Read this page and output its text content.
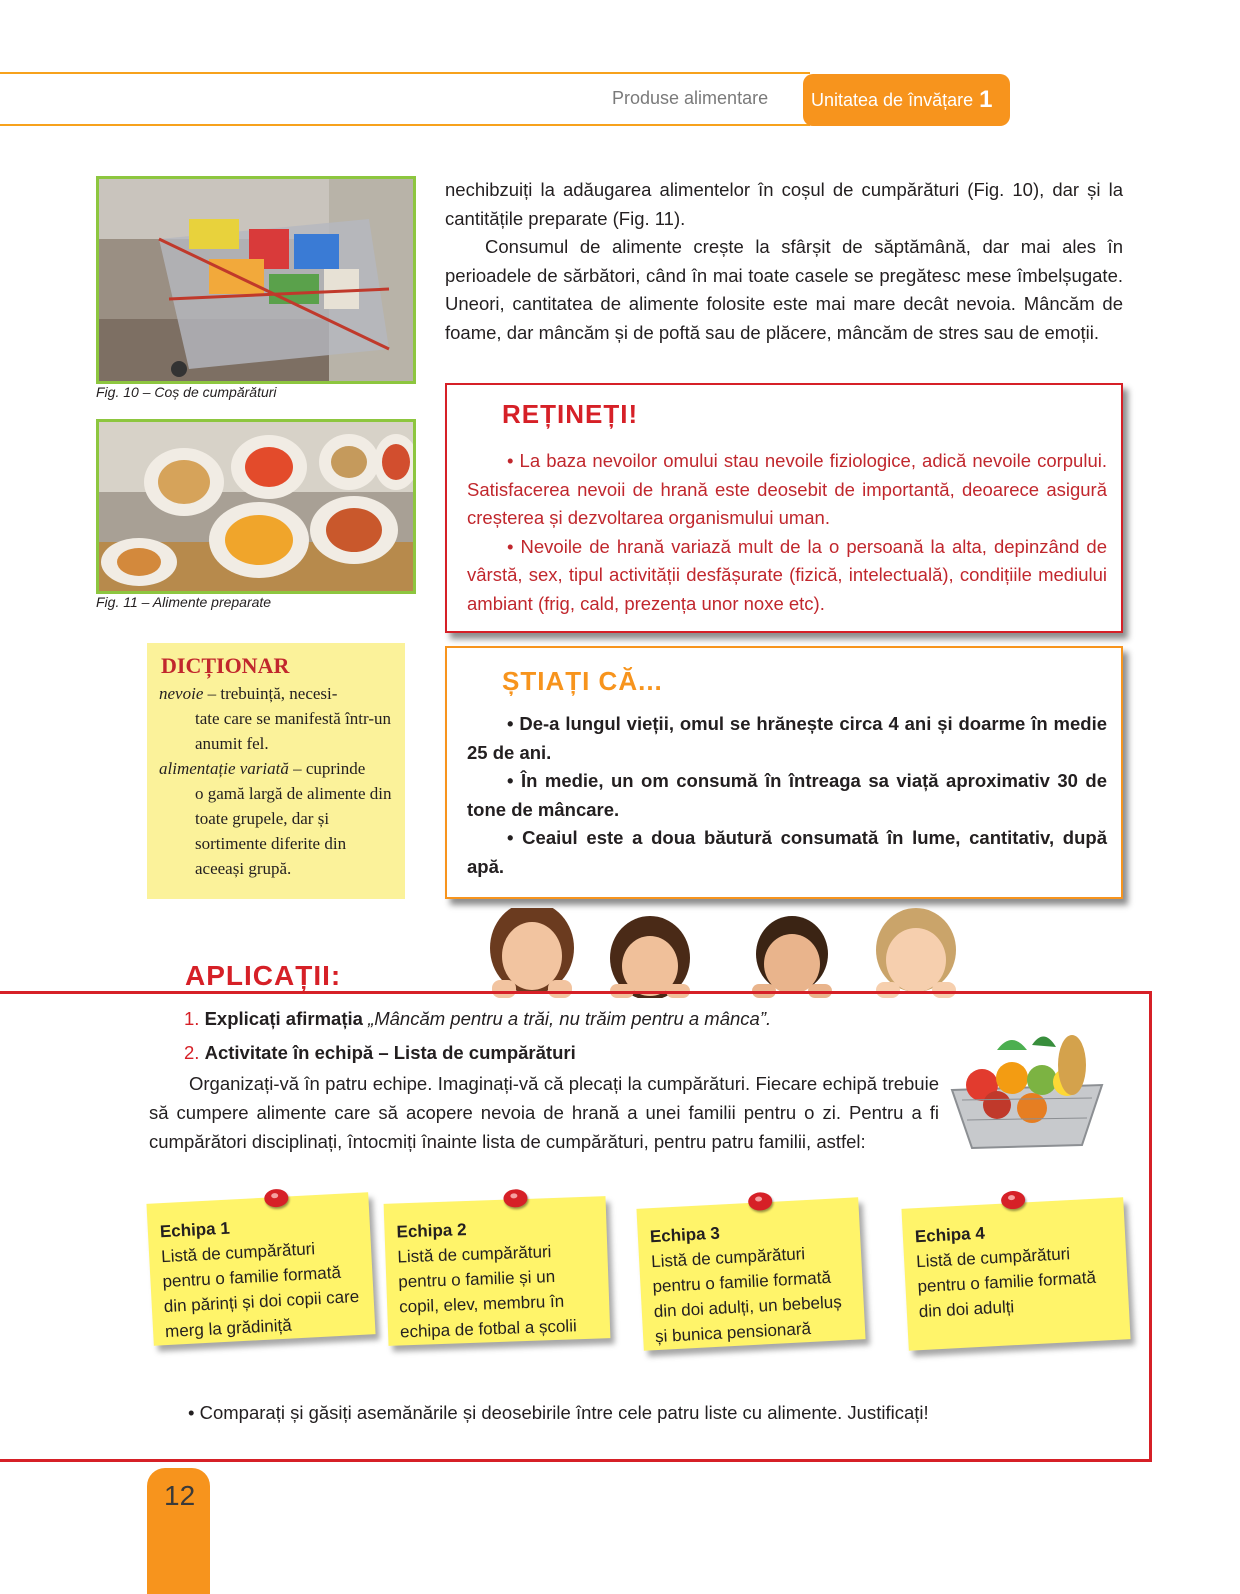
Produse alimentare Unitatea de învățare 1
Fig. 10 – Coș de cumpărături
Fig. 11 – Alimente preparate

nechibzuiți la adăugarea alimentelor în coșul de cumpărături (Fig. 10), dar și la cantitățile preparate (Fig. 11).

Consumul de alimente crește la sfârșit de săptămână, dar mai ales în perioadele de sărbători, când în mai toate casele se pregătesc mese îmbelșugate. Uneori, cantitatea de alimente folosite este mai mare decât nevoia. Mâncăm de foame, dar mâncăm și de poftă sau de plăcere, mâncăm de stres sau de emoții.

REȚINEȚI!

• La baza nevoilor omului stau nevoile fiziologice, adică nevoile corpului. Satisfacerea nevoii de hrană este deosebit de importantă, deoarece asigură creșterea și dezvoltarea organismului uman.

• Nevoile de hrană variază mult de la o persoană la alta, depinzând de vârstă, sex, tipul activității desfășurate (fizică, intelectuală), condițiile mediului ambiant (frig, cald, prezența unor noxe etc).

ȘTIAȚI CĂ...

• De-a lungul vieții, omul se hrănește circa 4 ani și doarme în medie 25 de ani.

• În medie, un om consumă în întreaga sa viață aproximativ 30 de tone de mâncare.

• Ceaiul este a doua băutură consumată în lume, cantitativ, după apă.

DICȚIONAR
nevoie – trebuință, necesi-
tate care se manifestă într-un anumit fel.
alimentație variată – cuprinde
o gamă largă de alimente din toate grupele, dar și sortimente diferite din aceeași grupă.
APLICAȚII:
1. Explicați afirmația „Mâncăm pentru a trăi, nu trăim pentru a mânca”.
2. Activitate în echipă – Lista de cumpărături

Organizați-vă în patru echipe. Imaginați-vă că plecați la cumpărături. Fiecare echipă trebuie să cumpere alimente care să acopere nevoia de hrană a unei familii pentru o zi. Pentru a fi cumpărători disciplinați, întocmiți înainte lista de cumpărături, pentru patru familii, astfel:

Echipa 1
Listă de cumpărături pentru o familie formată din părinți și doi copii care merg la grădiniță
Echipa 2
Listă de cumpărături pentru o familie și un copil, elev, membru în echipa de fotbal a școlii
Echipa 3
Listă de cumpărături pentru o familie formată din doi adulți, un bebeluș și bunica pensionară
Echipa 4
Listă de cumpărături pentru o familie formată din doi adulți
• Comparați și găsiți asemănările și deosebirile între cele patru liste cu alimente. Justificați!
12
